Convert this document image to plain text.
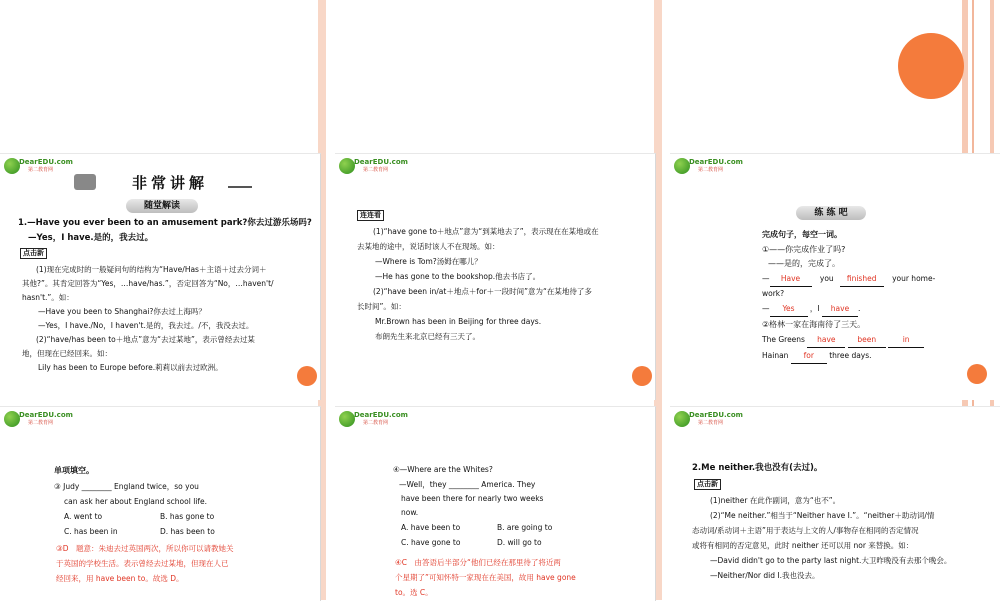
DearEDU.com
第二教育网
非常讲解
随堂解读
1.—Have you ever been to an amusement park?你去过游乐场吗?
—Yes，I have.是的，我去过。
点击新
(1)现在完成时的一般疑问句的结构为“Have/Has＋主语＋过去分词＋
其他?”。其肯定回答为“Yes，…have/has.”，否定回答为“No，…haven't/
hasn't.”。如：
—Have you been to Shanghai?你去过上海吗？
—Yes，I have./No，I haven't.是的，我去过。/不，我没去过。
(2)“have/has been to＋地点”意为“去过某地”，表示曾经去过某
地，但现在已经回来。如：
Lily has been to Europe before.莉莉以前去过欧洲。
DearEDU.com
第二教育网
连连看
(1)“have gone to＋地点”意为“到某地去了”，表示现在在某地或在
去某地的途中，说话时该人不在现场。如：
—Where is Tom?汤姆在哪儿？
—He has gone to the bookshop.他去书店了。
(2)“have been in/at＋地点＋for＋一段时间”意为“在某地待了多
长时间”。如：
Mr.Brown has been in Beijing for three days.
布朗先生来北京已经有三天了。
DearEDU.com
第二教育网
练 练 吧
完成句子，每空一词。
①——你完成作业了吗?
——是的，完成了。
— Have	you finished your home-
work?
— Yes ，I have .
②格林一家在海南待了三天。
The Greens have	been	in
Hainan for three days.
DearEDU.com
第二教育网
单项填空。
③ Judy ________ England twice，so you
can ask her about England school life.
A. went to	B. has gone to
C. has been in	D. has been to
③D　题意：朱迪去过英国两次，所以你可以请教她关
于英国的学校生活。表示曾经去过某地，但现在人已
经回来，用 have been to。故选 D。
DearEDU.com
第二教育网
④—Where are the Whites?
—Well，they ________ America. They
have been there for nearly two weeks
now.
A. have been to	B. are going to
C. have gone to	D. will go to
④C　由答语后半部分“他们已经在那里待了将近两
个星期了”可知怀特一家现在在美国，故用 have gone
to。选 C。
DearEDU.com
第二教育网
2.Me neither.我也没有(去过)。
点击新
(1)neither 在此作副词，意为“也不”。
(2)“Me neither.”相当于“Neither have I.”。“neither＋助动词/情
态动词/系动词＋主语”用于表达与上文的人/事物存在相同的否定情况
或将有相同的否定意见，此时 neither 还可以用 nor 来替换。如：
—David didn't go to the party last night.大卫昨晚没有去那个晚会。
—Neither/Nor did I.我也没去。
